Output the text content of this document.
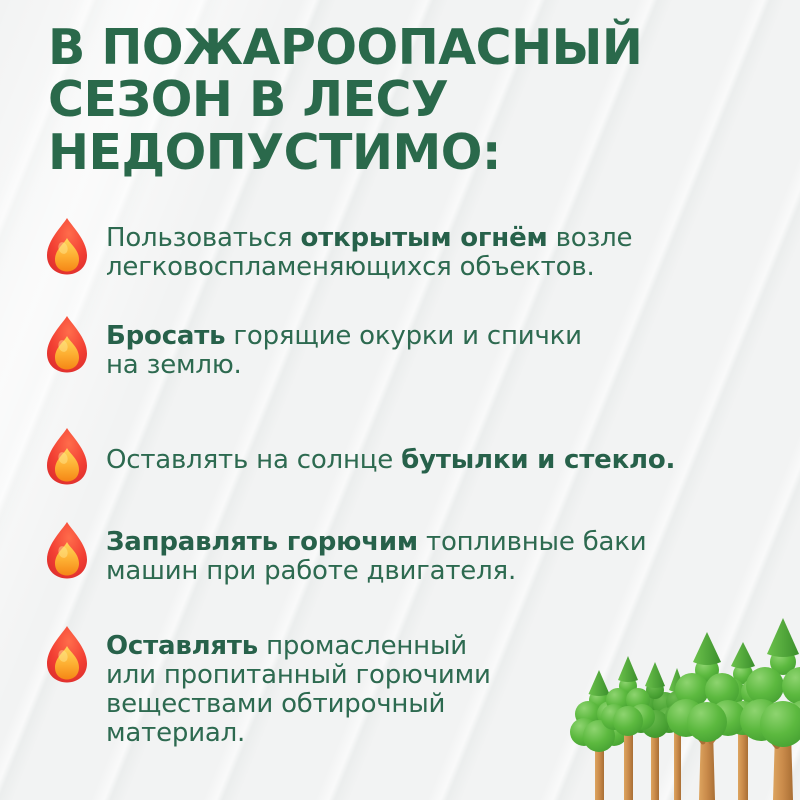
В ПОЖАРООПАСНЫЙ
СЕЗОН В ЛЕСУ
НЕДОПУСТИМО:

Пользоваться открытым огнём возле легковоспламеняющихся объектов.

Бросать горящие окурки и спички на землю.

Оставлять на солнце бутылки и стекло.

Заправлять горючим топливные баки машин при работе двигателя.

Оставлять промасленный или пропитанный горючими веществами обтирочный материал.
